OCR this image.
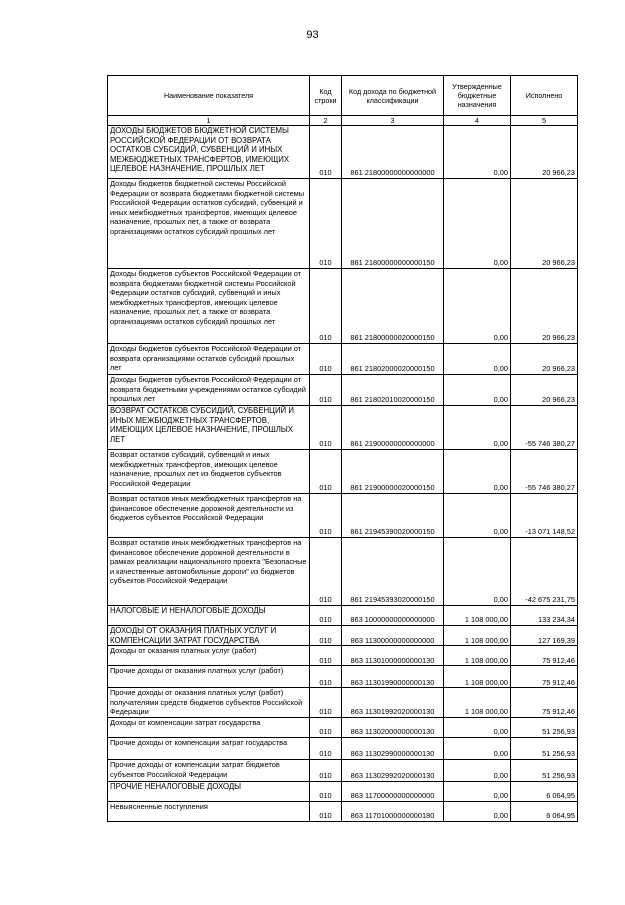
93
Наименование показателя	Код строки	Код дохода по бюджетной классификации	Утвержденные бюджетные назначения	Исполнено
1	2	3	4	5
ДОХОДЫ БЮДЖЕТОВ БЮДЖЕТНОЙ СИСТЕМЫ РОССИЙСКОЙ ФЕДЕРАЦИИ ОТ ВОЗВРАТА ОСТАТКОВ СУБСИДИЙ, СУБВЕНЦИЙ И ИНЫХ МЕЖБЮДЖЕТНЫХ ТРАНСФЕРТОВ, ИМЕЮЩИХ ЦЕЛЕВОЕ НАЗНАЧЕНИЕ, ПРОШЛЫХ ЛЕТ	010	861 21800000000000000	0,00	20 966,23
Доходы бюджетов бюджетной системы Российской Федерации от возврата бюджетами бюджетной системы Российской Федерации остатков субсидий, субвенций и иных межбюджетных трансфертов, имеющих целевое назначение, прошлых лет, а также от возврата организациями остатков субсидий прошлых лет	010	861 21800000000000150	0,00	20 966,23
Доходы бюджетов субъектов Российской Федерации от возврата бюджетами бюджетной системы Российской Федерации остатков субсидий, субвенций и иных межбюджетных трансфертов, имеющих целевое назначение, прошлых лет, а также от возврата организациями остатков субсидий прошлых лет	010	861 21800000020000150	0,00	20 966,23
Доходы бюджетов субъектов Российской Федерации от возврата организациями остатков субсидий прошлых лет	010	861 21802000020000150	0,00	20 966,23
Доходы бюджетов субъектов Российской Федерации от возврата бюджетными учреждениями остатков субсидий прошлых лет	010	861 21802010020000150	0,00	20 966,23
ВОЗВРАТ ОСТАТКОВ СУБСИДИЙ, СУБВЕНЦИЙ И ИНЫХ МЕЖБЮДЖЕТНЫХ ТРАНСФЕРТОВ, ИМЕЮЩИХ ЦЕЛЕВОЕ НАЗНАЧЕНИЕ, ПРОШЛЫХ ЛЕТ	010	861 21900000000000000	0,00	-55 746 380,27
Возврат остатков субсидий, субвенций и иных межбюджетных трансфертов, имеющих целевое назначение, прошлых лет из бюджетов субъектов Российской Федерации	010	861 21900000020000150	0,00	-55 746 380,27
Возврат остатков иных межбюджетных трансфертов на финансовое обеспечение дорожной деятельности из бюджетов субъектов Российской Федерации	010	861 21945390020000150	0,00	-13 071 148,52
Возврат остатков иных межбюджетных трансфертов на финансовое обеспечение дорожной деятельности в рамках реализации национального проекта "Безопасные и качественные автомобильные дороги" из бюджетов субъектов Российской Федерации	010	861 21945393020000150	0,00	-42 675 231,75
НАЛОГОВЫЕ И НЕНАЛОГОВЫЕ ДОХОДЫ	010	863 10000000000000000	1 108 000,00	133 234,34
ДОХОДЫ ОТ ОКАЗАНИЯ ПЛАТНЫХ УСЛУГ И КОМПЕНСАЦИИ ЗАТРАТ ГОСУДАРСТВА	010	863 11300000000000000	1 108 000,00	127 169,39
Доходы от оказания платных услуг (работ)	010	863 11301000000000130	1 108 000,00	75 912,46
Прочие доходы от оказания платных услуг (работ)	010	863 11301990000000130	1 108 000,00	75 912,46
Прочие доходы от оказания платных услуг (работ) получателями средств бюджетов субъектов Российской Федерации	010	863 11301992020000130	1 108 000,00	75 912,46
Доходы от компенсации затрат государства	010	863 11302000000000130	0,00	51 256,93
Прочие доходы от компенсации затрат государства	010	863 11302990000000130	0,00	51 256,93
Прочие доходы от компенсации затрат бюджетов субъектов Российской Федерации	010	863 11302992020000130	0,00	51 256,93
ПРОЧИЕ НЕНАЛОГОВЫЕ ДОХОДЫ	010	863 11700000000000000	0,00	6 064,95
Невыясненные поступления	010	863 11701000000000180	0,00	6 064,95
